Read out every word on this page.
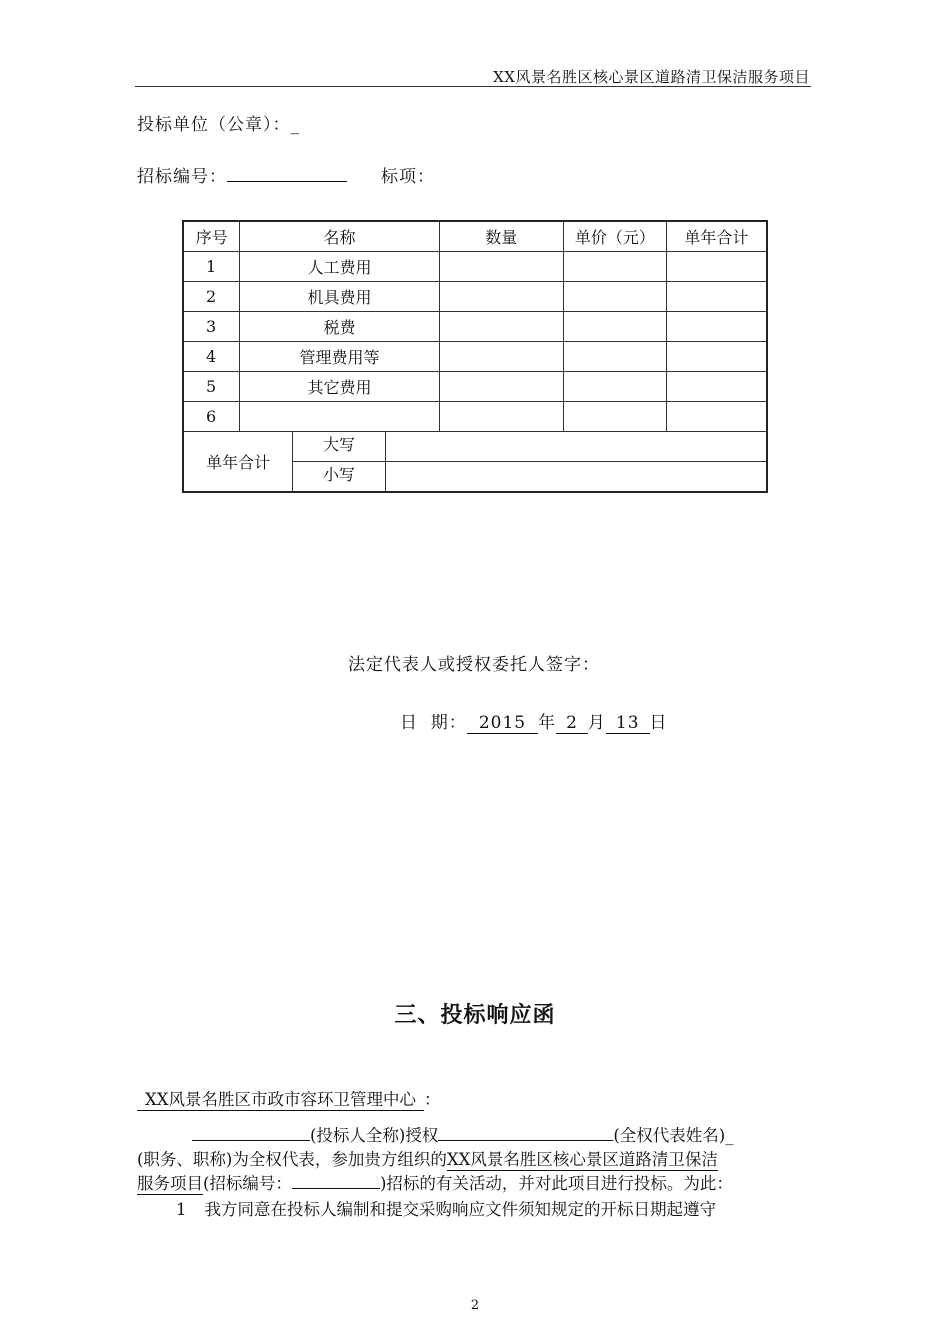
XX风景名胜区核心景区道路清卫保洁服务项目
投标单位（公章）：_
招标编号：	标项：
序号	名称			数量	单价（元）	单年合计
1	人工费用					
2	机具费用					
3	税费					
4	管理费用等					
5	其它费用					
6						
单年合计		大写				
		小写				
法定代表人或授权委托人签字：
日  期： 2015 年 2 月 13 日
三、投标响应函
XX风景名胜区市政市容环卫管理中心 ：
(投标人全称)授权	(全权代表姓名)_
(职务、职称)为全权代表，参加贵方组织的XX风景名胜区核心景区道路清卫保洁
服务项目(招标编号：	)招标的有关活动，并对此项目进行投标。为此：
1 我方同意在投标人编制和提交采购响应文件须知规定的开标日期起遵守
2
